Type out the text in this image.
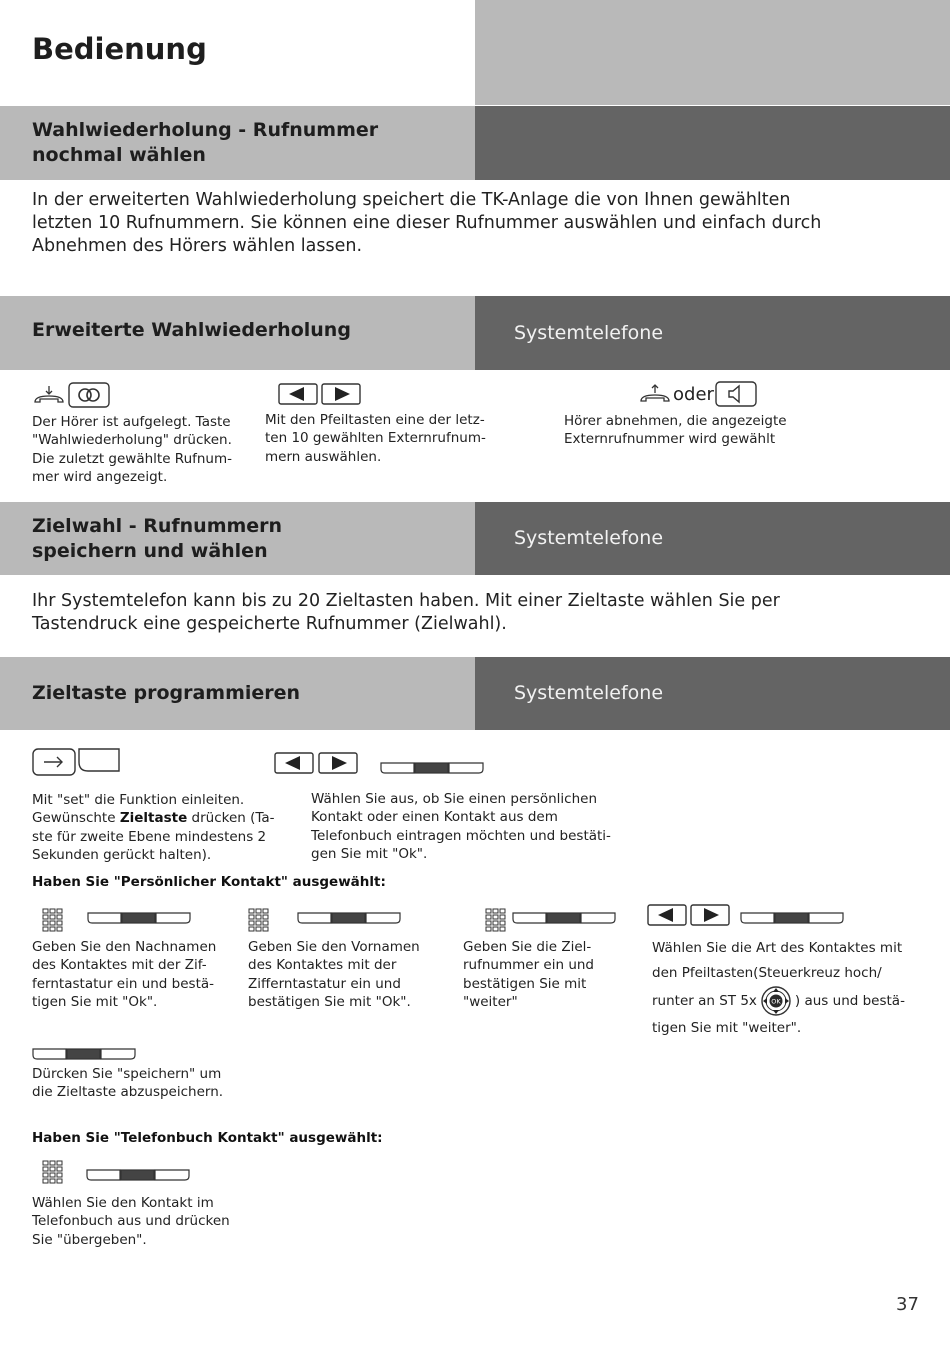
Bedienung
Wahlwiederholung - Rufnummer
nochmal wählen
In der erweiterten Wahlwiederholung speichert die TK-Anlage die von Ihnen gewählten
letzten 10 Rufnummern. Sie können eine dieser Rufnummer auswählen und einfach durch
Abnehmen des Hörers wählen lassen.
Erweiterte Wahlwiederholung	Systemtelefone
oder
Der Hörer ist aufgelegt. Taste
"Wahlwiederholung" drücken.
Die zuletzt gewählte Rufnum-
mer wird angezeigt.
Mit den Pfeiltasten eine der letz-
ten 10 gewählten Externrufnum-
mern auswählen.
Hörer abnehmen, die angezeigte
Externrufnummer wird gewählt
Zielwahl - Rufnummern
speichern und wählen
Systemtelefone
Ihr Systemtelefon kann bis zu 20 Zieltasten haben. Mit einer Zieltaste wählen Sie per
Tastendruck eine gespeicherte Rufnummer (Zielwahl).
Zieltaste programmieren	Systemtelefone
Mit "set" die Funktion einleiten.
Gewünschte Zieltaste drücken (Ta-
ste für zweite Ebene mindestens 2
Sekunden gerückt halten).
Wählen Sie aus, ob Sie einen persönlichen
Kontakt oder einen Kontakt aus dem
Telefonbuch eintragen möchten und bestäti-
gen Sie mit "Ok".
Haben Sie "Persönlicher Kontakt" ausgewählt:
Geben Sie den Nachnamen
des Kontaktes mit der Zif-
ferntastatur ein und bestä-
tigen Sie mit "Ok".
Geben Sie den Vornamen
des Kontaktes mit der
Zifferntastatur ein und
bestätigen Sie mit "Ok".
Geben Sie die Ziel-
rufnummer ein und
bestätigen Sie mit
"weiter"
Wählen Sie die Art des Kontaktes mit
den Pfeiltasten(Steuerkreuz hoch/
runter an ST 5x OK ) aus und bestä-
tigen Sie mit "weiter".
Dürcken Sie "speichern" um
die Zieltaste abzuspeichern.
Haben Sie "Telefonbuch Kontakt" ausgewählt:
Wählen Sie den Kontakt im
Telefonbuch aus und drücken
Sie "übergeben".
37
